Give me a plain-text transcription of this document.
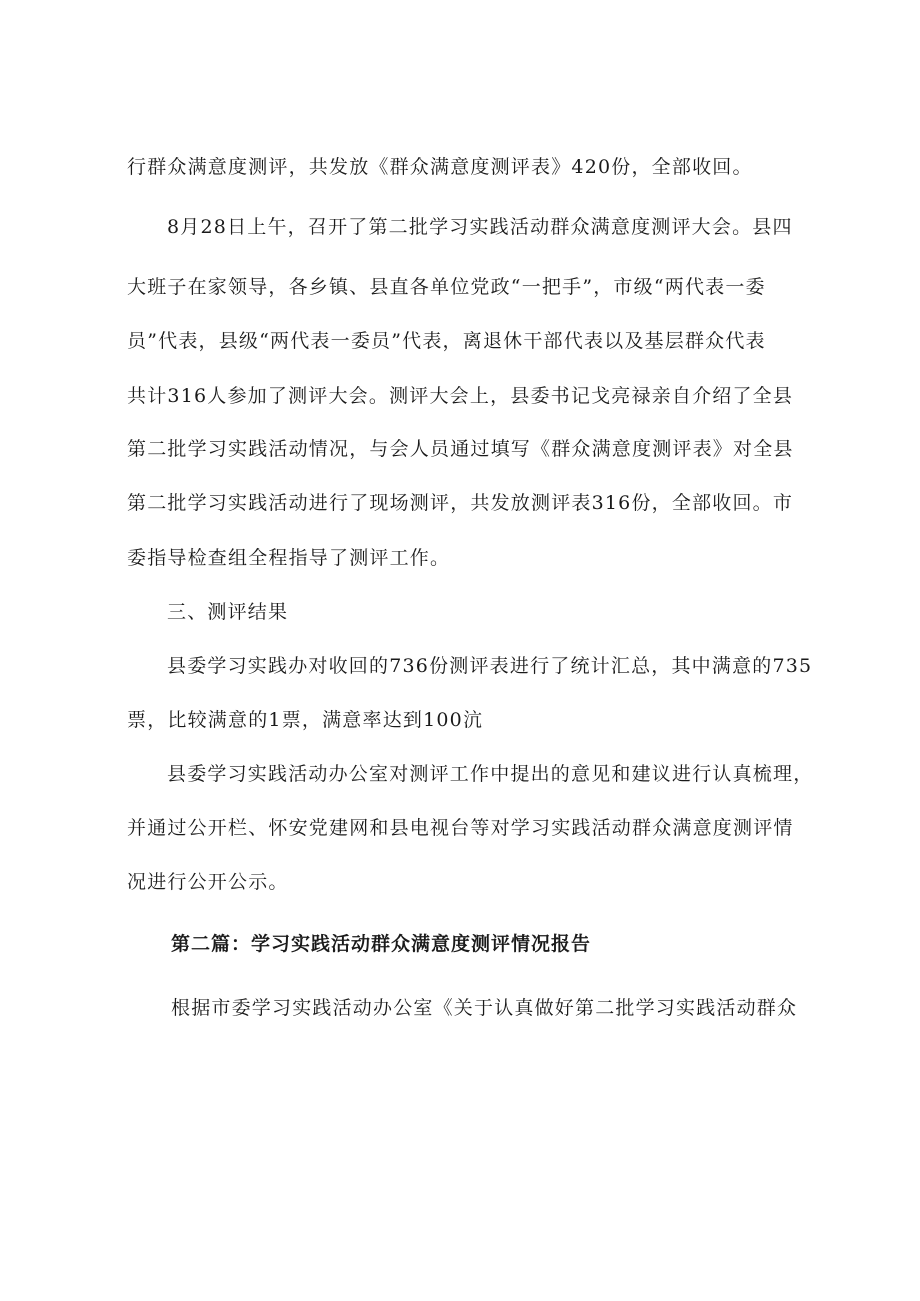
行群众满意度测评，共发放《群众满意度测评表》420份，全部收回。
8月28日上午，召开了第二批学习实践活动群众满意度测评大会。县四
大班子在家领导，各乡镇、县直各单位党政“一把手”，市级“两代表一委
员”代表，县级“两代表一委员”代表，离退休干部代表以及基层群众代表
共计316人参加了测评大会。测评大会上，县委书记戈亮禄亲自介绍了全县
第二批学习实践活动情况，与会人员通过填写《群众满意度测评表》对全县
第二批学习实践活动进行了现场测评，共发放测评表316份，全部收回。市
委指导检查组全程指导了测评工作。
三、测评结果
县委学习实践办对收回的736份测评表进行了统计汇总，其中满意的735
票，比较满意的1票，满意率达到100沆
县委学习实践活动办公室对测评工作中提出的意见和建议进行认真梳理，
并通过公开栏、怀安党建网和县电视台等对学习实践活动群众满意度测评情
况进行公开公示。
第二篇：学习实践活动群众满意度测评情况报告
根据市委学习实践活动办公室《关于认真做好第二批学习实践活动群众
